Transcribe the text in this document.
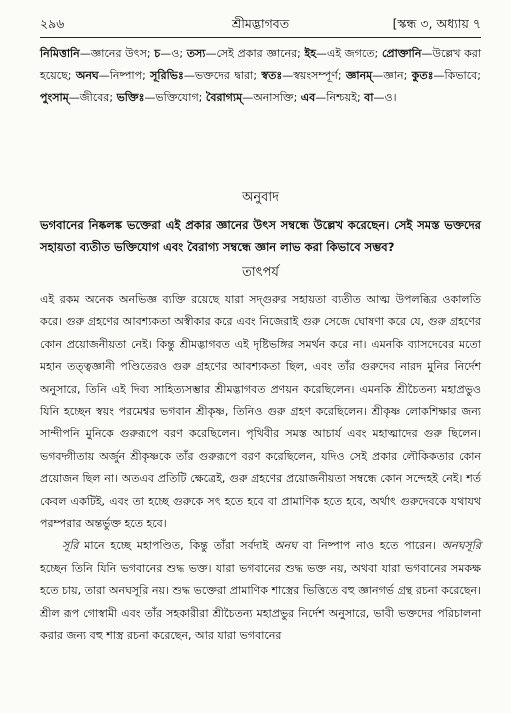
২৯৬	শ্রীমদ্ভাগবত	[স্কন্ধ ৩, অধ্যায় ৭
নিমিত্তানি—জ্ঞানের উৎস; চ—ও; তস্য—সেই প্রকার জ্ঞানের; ইহ—এই জগতে; প্রোক্তানি—উল্লেখ করা হয়েছে; অনঘ—নিষ্পাপ; সূরিভিঃ—ভক্তদের দ্বারা; স্বতঃ—স্বয়ংসম্পূর্ণ; জ্ঞানম্—জ্ঞান; কুতঃ—কিভাবে; পুংসাম্—জীবের; ভক্তিঃ—ভক্তিযোগ; বৈরাগ্যম্—অনাসক্তি; এব—নিশ্চয়ই; বা—ও।
অনুবাদ
ভগবানের নিষ্কলঙ্ক ভক্তেরা এই প্রকার জ্ঞানের উৎস সম্বন্ধে উল্লেখ করেছেন। সেই সমস্ত ভক্তদের সহায়তা ব্যতীত ভক্তিযোগ এবং বৈরাগ্য সম্বন্ধে জ্ঞান লাভ করা কিভাবে সম্ভব?
তাৎপর্য

এই রকম অনেক অনভিজ্ঞ ব্যক্তি রয়েছে যারা সদ্গুরুর সহায়তা ব্যতীত আত্ম উপলব্ধির ওকালতি করে। গুরু গ্রহণের আবশ্যকতা অস্বীকার করে এবং নিজেরাই গুরু সেজে ঘোষণা করে যে, গুরু গ্রহণের কোন প্রয়োজনীয়তা নেই। কিন্তু শ্রীমদ্ভাগবত এই দৃষ্টিভঙ্গির সমর্থন করে না। এমনকি ব্যাসদেবের মতো মহান তত্ত্বজ্ঞানী পণ্ডিতেরও গুরু গ্রহণের আবশ্যকতা ছিল, এবং তাঁর গুরুদেব নারদ মুনির নির্দেশ অনুসারে, তিনি এই দিব্য সাহিত্যসম্ভার শ্রীমদ্ভাগবত প্রণয়ন করেছিলেন। এমনকি শ্রীচৈতন্য মহাপ্রভুও যিনি হচ্ছেন স্বয়ং পরমেশ্বর ভগবান শ্রীকৃষ্ণ, তিনিও গুরু গ্রহণ করেছিলেন। শ্রীকৃষ্ণ লোকশিক্ষার জন্য সান্দীপনি মুনিকে গুরুরূপে বরণ করেছিলেন। পৃথিবীর সমস্ত আচার্য এবং মহাত্মাদের গুরু ছিলেন। ভগবদ্গীতায় অর্জুন শ্রীকৃষ্ণকে তাঁর গুরুরূপে বরণ করেছিলেন, যদিও সেই প্রকার লৌকিকতার কোন প্রয়োজন ছিল না। অতএব প্রতিটি ক্ষেত্রেই, গুরু গ্রহণের প্রয়োজনীয়তা সম্বন্ধে কোন সন্দেহই নেই। শর্ত কেবল একটিই, এবং তা হচ্ছে গুরুকে সৎ হতে হবে বা প্রামাণিক হতে হবে, অর্থাৎ গুরুদেবকে যথাযথ পরম্পরার অন্তর্ভুক্ত হতে হবে।

সূরি মানে হচ্ছে মহাপণ্ডিত, কিন্তু তাঁরা সর্বদাই অনঘ বা নিষ্পাপ নাও হতে পারেন। অনঘসূরি হচ্ছেন তিনি যিনি ভগবানের শুদ্ধ ভক্ত। যারা ভগবানের শুদ্ধ ভক্ত নয়, অথবা যারা ভগবানের সমকক্ষ হতে চায়, তারা অনঘসূরি নয়। শুদ্ধ ভক্তেরা প্রামাণিক শাস্ত্রের ভিত্তিতে বহু জ্ঞানগর্ভ গ্রন্থ রচনা করেছেন। শ্রীল রূপ গোস্বামী এবং তাঁর সহকারীরা শ্রীচৈতন্য মহাপ্রভুর নির্দেশ অনুসারে, ভাবী ভক্তদের পরিচালনা করার জন্য বহু শাস্ত্র রচনা করেছেন, আর যারা ভগবানের
